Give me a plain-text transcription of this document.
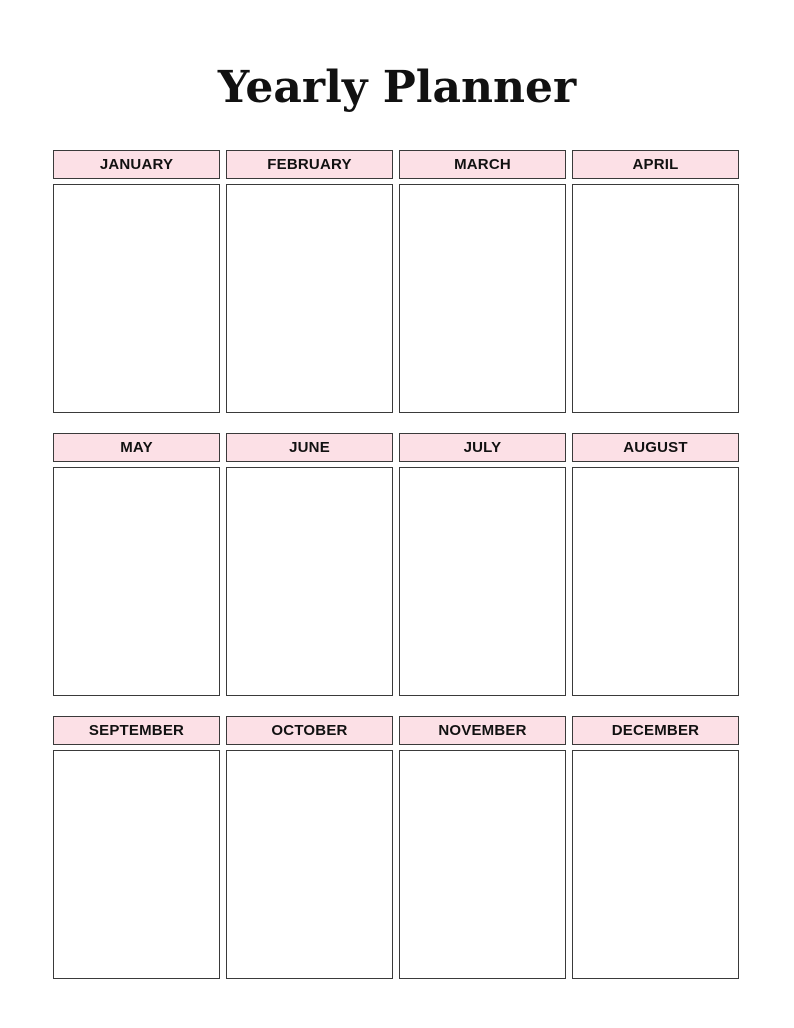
Yearly Planner
JANUARY	FEBRUARY	MARCH	APRIL
MAY	JUNE	JULY	AUGUST
SEPTEMBER	OCTOBER	NOVEMBER	DECEMBER
